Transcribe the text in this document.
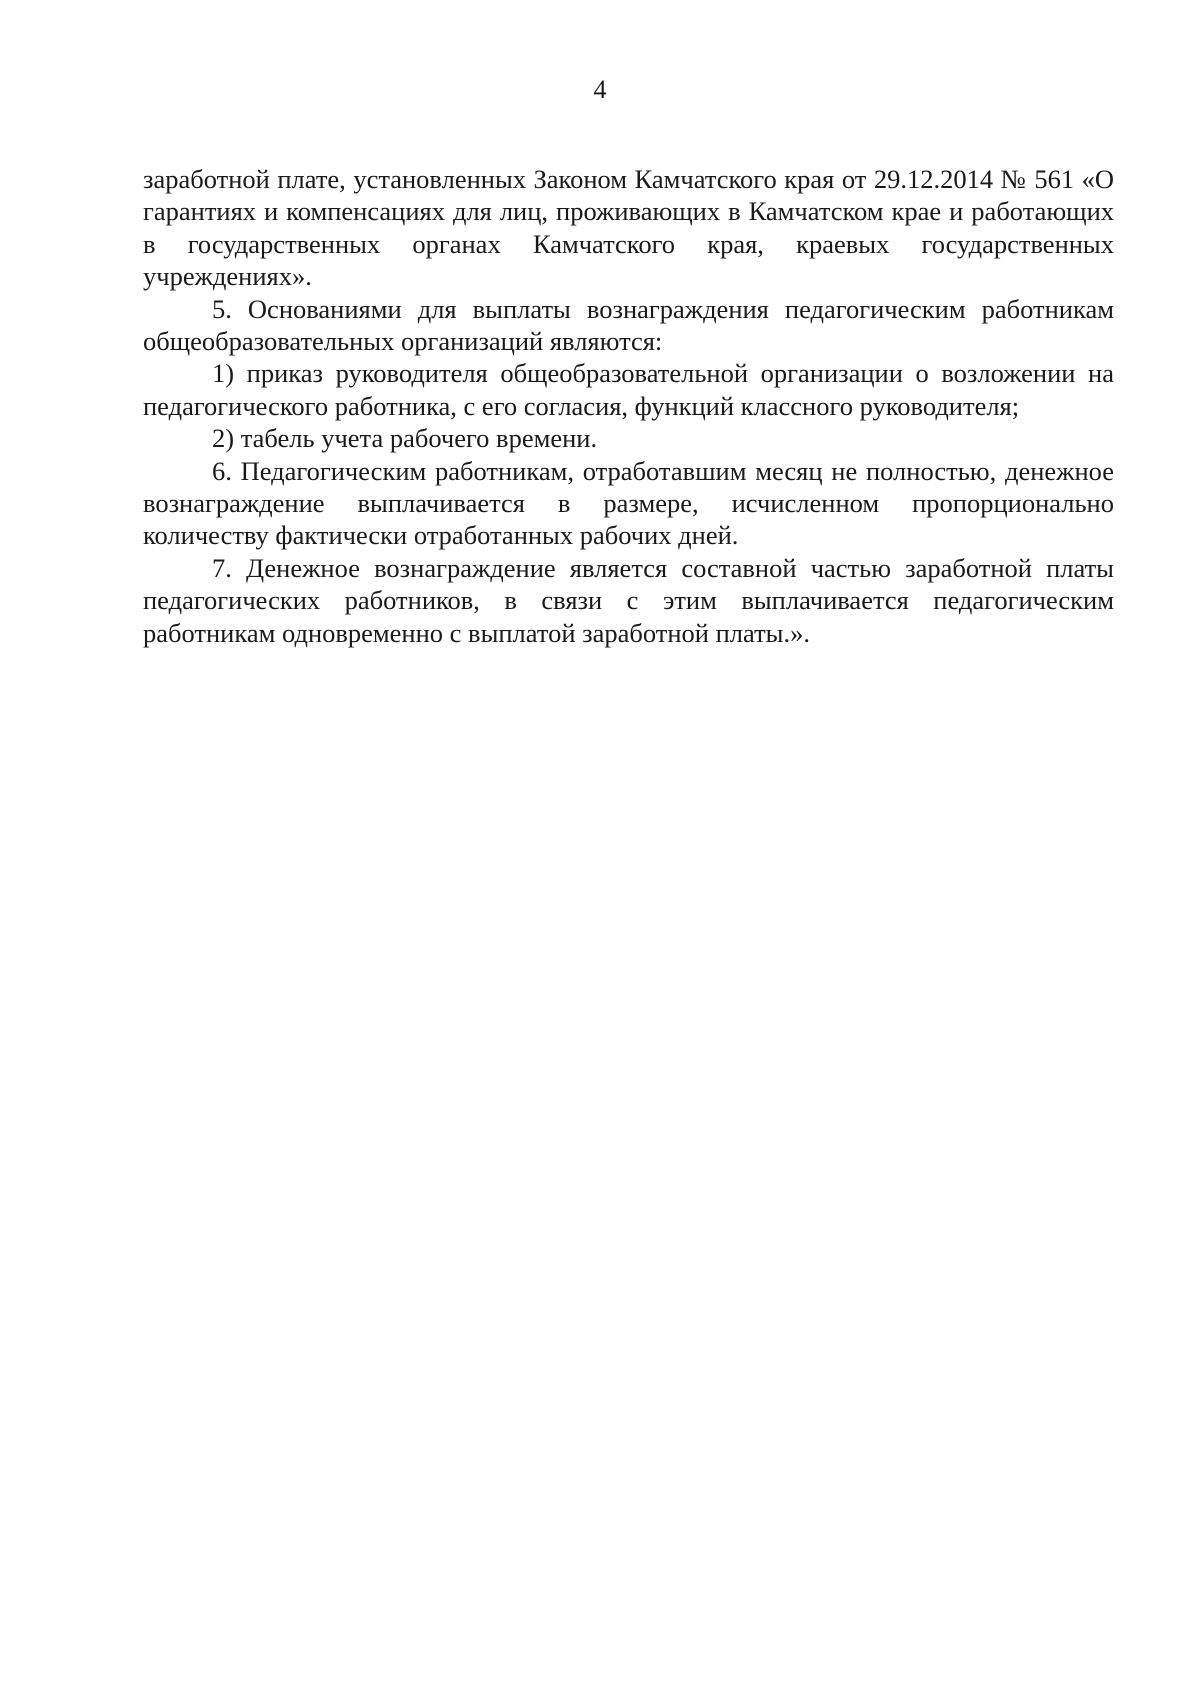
4

заработной плате, установленных Законом Камчатского края от 29.12.2014 № 561 «О гарантиях и компенсациях для лиц, проживающих в Камчатском крае и работающих в государственных органах Камчатского края, краевых государственных учреждениях».

5. Основаниями для выплаты вознаграждения педагогическим работникам общеобразовательных организаций являются:

1) приказ руководителя общеобразовательной организации о возложении на педагогического работника, с его согласия, функций классного руководителя;

2) табель учета рабочего времени.

6. Педагогическим работникам, отработавшим месяц не полностью, денежное вознаграждение выплачивается в размере, исчисленном пропорционально количеству фактически отработанных рабочих дней.

7. Денежное вознаграждение является составной частью заработной платы педагогических работников, в связи с этим выплачивается педагогическим работникам одновременно с выплатой заработной платы.».
